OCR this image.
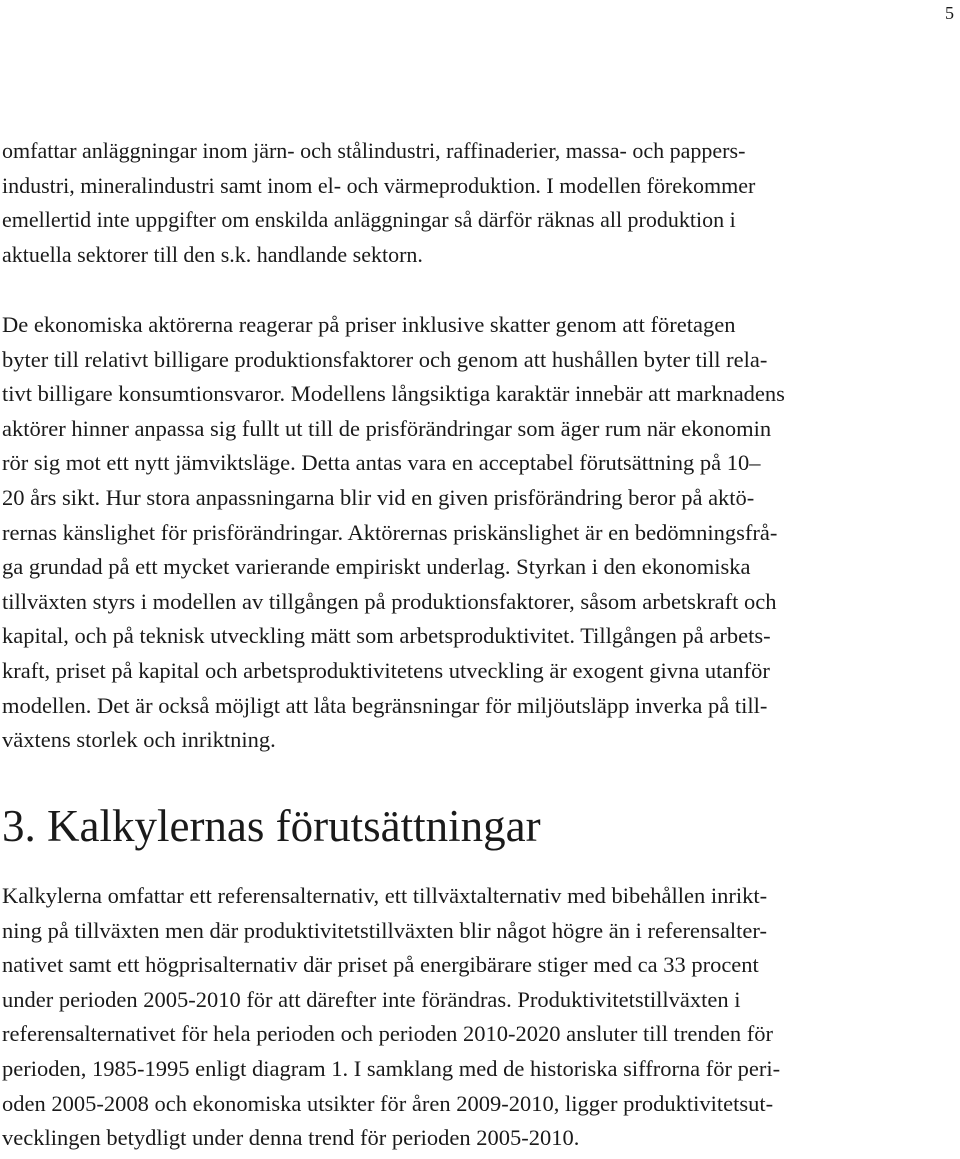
5
omfattar anläggningar inom järn- och stålindustri, raffinaderier, massa- och pappers-
industri, mineralindustri samt inom el- och värmeproduktion. I modellen förekommer
emellertid inte uppgifter om enskilda anläggningar så därför räknas all produktion i
aktuella sektorer till den s.k. handlande sektorn.
De ekonomiska aktörerna reagerar på priser inklusive skatter genom att företagen
byter till relativt billigare produktionsfaktorer och genom att hushållen byter till rela-
tivt billigare konsumtionsvaror. Modellens långsiktiga karaktär innebär att marknadens
aktörer hinner anpassa sig fullt ut till de prisförändringar som äger rum när ekonomin
rör sig mot ett nytt jämviktsläge. Detta antas vara en acceptabel förutsättning på 10–
20 års sikt. Hur stora anpassningarna blir vid en given prisförändring beror på aktö-
rernas känslighet för prisförändringar. Aktörernas priskänslighet är en bedömningsfrå-
ga grundad på ett mycket varierande empiriskt underlag. Styrkan i den ekonomiska
tillväxten styrs i modellen av tillgången på produktionsfaktorer, såsom arbetskraft och
kapital, och på teknisk utveckling mätt som arbetsproduktivitet. Tillgången på arbets-
kraft, priset på kapital och arbetsproduktivitetens utveckling är exogent givna utanför
modellen. Det är också möjligt att låta begränsningar för miljöutsläpp inverka på till-
växtens storlek och inriktning.
3. Kalkylernas förutsättningar
Kalkylerna omfattar ett referensalternativ, ett tillväxtalternativ med bibehållen inrikt-
ning på tillväxten men där produktivitetstillväxten blir något högre än i referensalter-
nativet samt ett högprisalternativ där priset på energibärare stiger med ca 33 procent
under perioden 2005-2010 för att därefter inte förändras. Produktivitetstillväxten i
referensalternativet för hela perioden och perioden 2010-2020 ansluter till trenden för
perioden, 1985-1995 enligt diagram 1. I samklang med de historiska siffrorna för peri-
oden 2005-2008 och ekonomiska utsikter för åren 2009-2010, ligger produktivitetsut-
vecklingen betydligt under denna trend för perioden 2005-2010.
